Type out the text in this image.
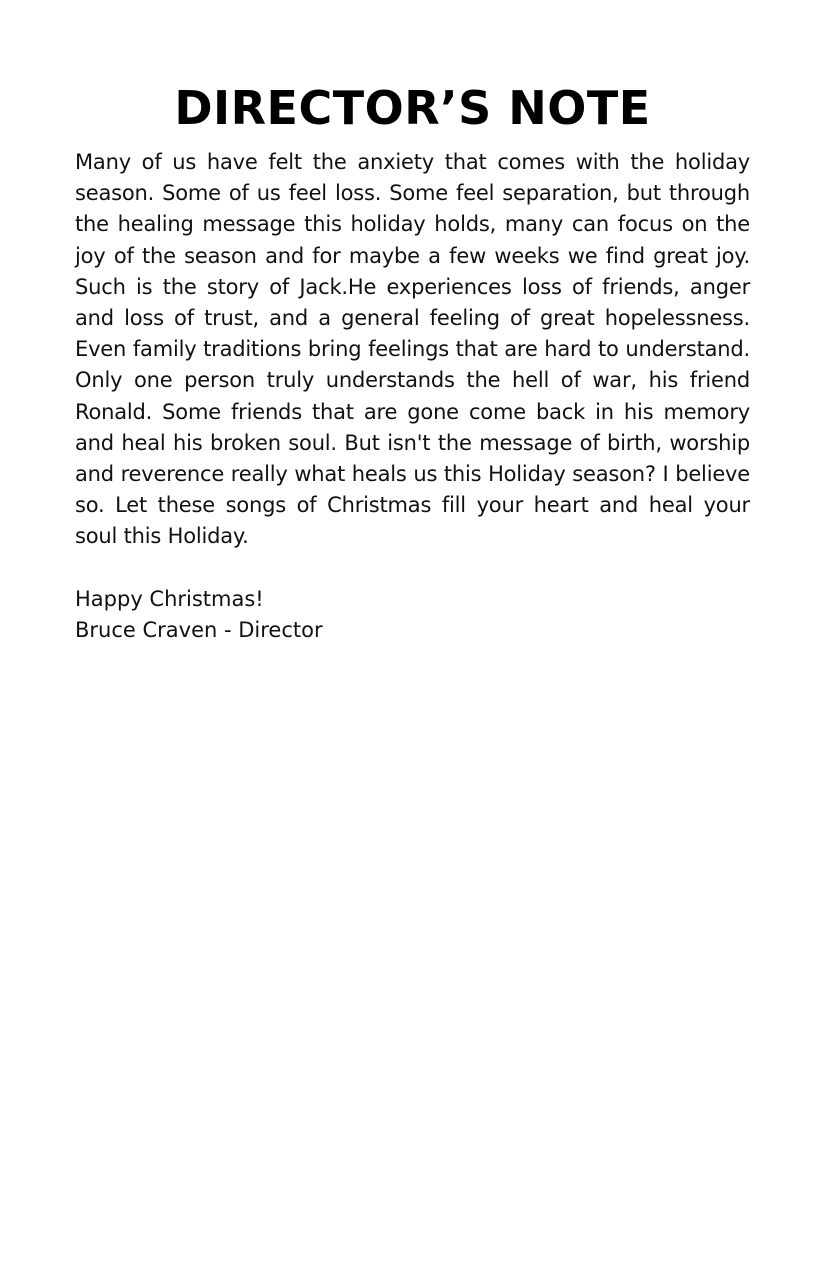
DIRECTOR’S NOTE

Many of us have felt the anxiety that comes with the holiday season. Some of us feel loss. Some feel separation, but through the healing message this holiday holds, many can focus on the joy of the season and for maybe a few weeks we find great joy. Such is the story of Jack.He experiences loss of friends, anger and loss of trust, and a general feeling of great hopelessness. Even family traditions bring feelings that are hard to understand. Only one person truly understands the hell of war, his friend Ronald. Some friends that are gone come back in his memory and heal his broken soul. But isn't the message of birth, worship and reverence really what heals us this Holiday season? I believe so. Let these songs of Christmas fill your heart and heal your soul this Holiday.

Happy Christmas!
Bruce Craven - Director
